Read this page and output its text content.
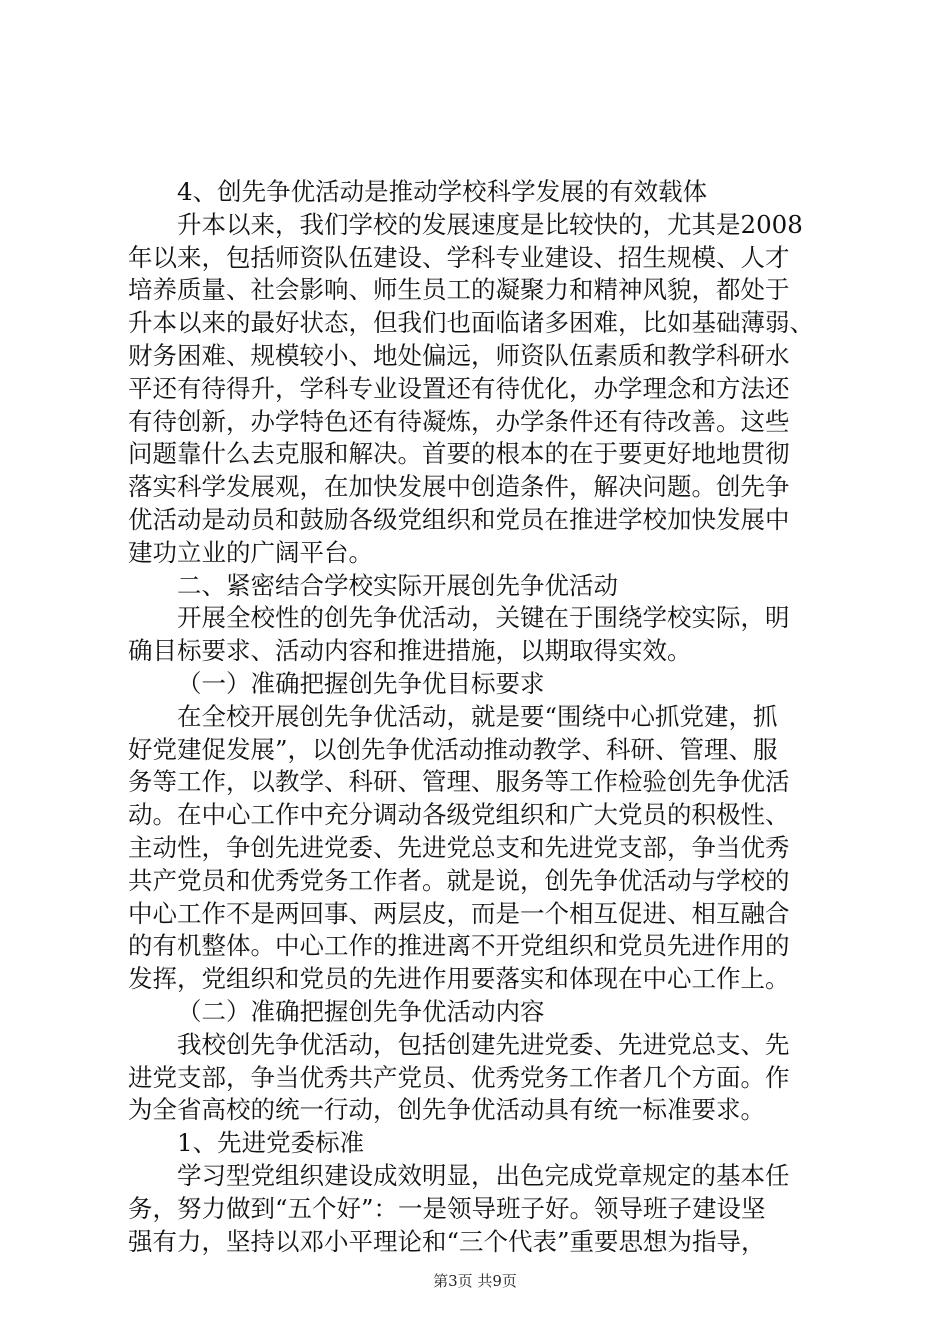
4、创先争优活动是推动学校科学发展的有效载体
升本以来，我们学校的发展速度是比较快的，尤其是2008
年以来，包括师资队伍建设、学科专业建设、招生规模、人才
培养质量、社会影响、师生员工的凝聚力和精神风貌，都处于
升本以来的最好状态，但我们也面临诸多困难，比如基础薄弱、
财务困难、规模较小、地处偏远，师资队伍素质和教学科研水
平还有待得升，学科专业设置还有待优化，办学理念和方法还
有待创新，办学特色还有待凝炼，办学条件还有待改善。这些
问题靠什么去克服和解决。首要的根本的在于要更好地地贯彻
落实科学发展观，在加快发展中创造条件，解决问题。创先争
优活动是动员和鼓励各级党组织和党员在推进学校加快发展中
建功立业的广阔平台。
二、紧密结合学校实际开展创先争优活动
开展全校性的创先争优活动，关键在于围绕学校实际，明
确目标要求、活动内容和推进措施，以期取得实效。
（一）准确把握创先争优目标要求
在全校开展创先争优活动，就是要“围绕中心抓党建，抓
好党建促发展”，以创先争优活动推动教学、科研、管理、服
务等工作，以教学、科研、管理、服务等工作检验创先争优活
动。在中心工作中充分调动各级党组织和广大党员的积极性、
主动性，争创先进党委、先进党总支和先进党支部，争当优秀
共产党员和优秀党务工作者。就是说，创先争优活动与学校的
中心工作不是两回事、两层皮，而是一个相互促进、相互融合
的有机整体。中心工作的推进离不开党组织和党员先进作用的
发挥，党组织和党员的先进作用要落实和体现在中心工作上。
（二）准确把握创先争优活动内容
我校创先争优活动，包括创建先进党委、先进党总支、先
进党支部，争当优秀共产党员、优秀党务工作者几个方面。作
为全省高校的统一行动，创先争优活动具有统一标准要求。
1、先进党委标准
学习型党组织建设成效明显，出色完成党章规定的基本任
务，努力做到“五个好”：一是领导班子好。领导班子建设坚
强有力，坚持以邓小平理论和“三个代表”重要思想为指导，
第3页 共9页
